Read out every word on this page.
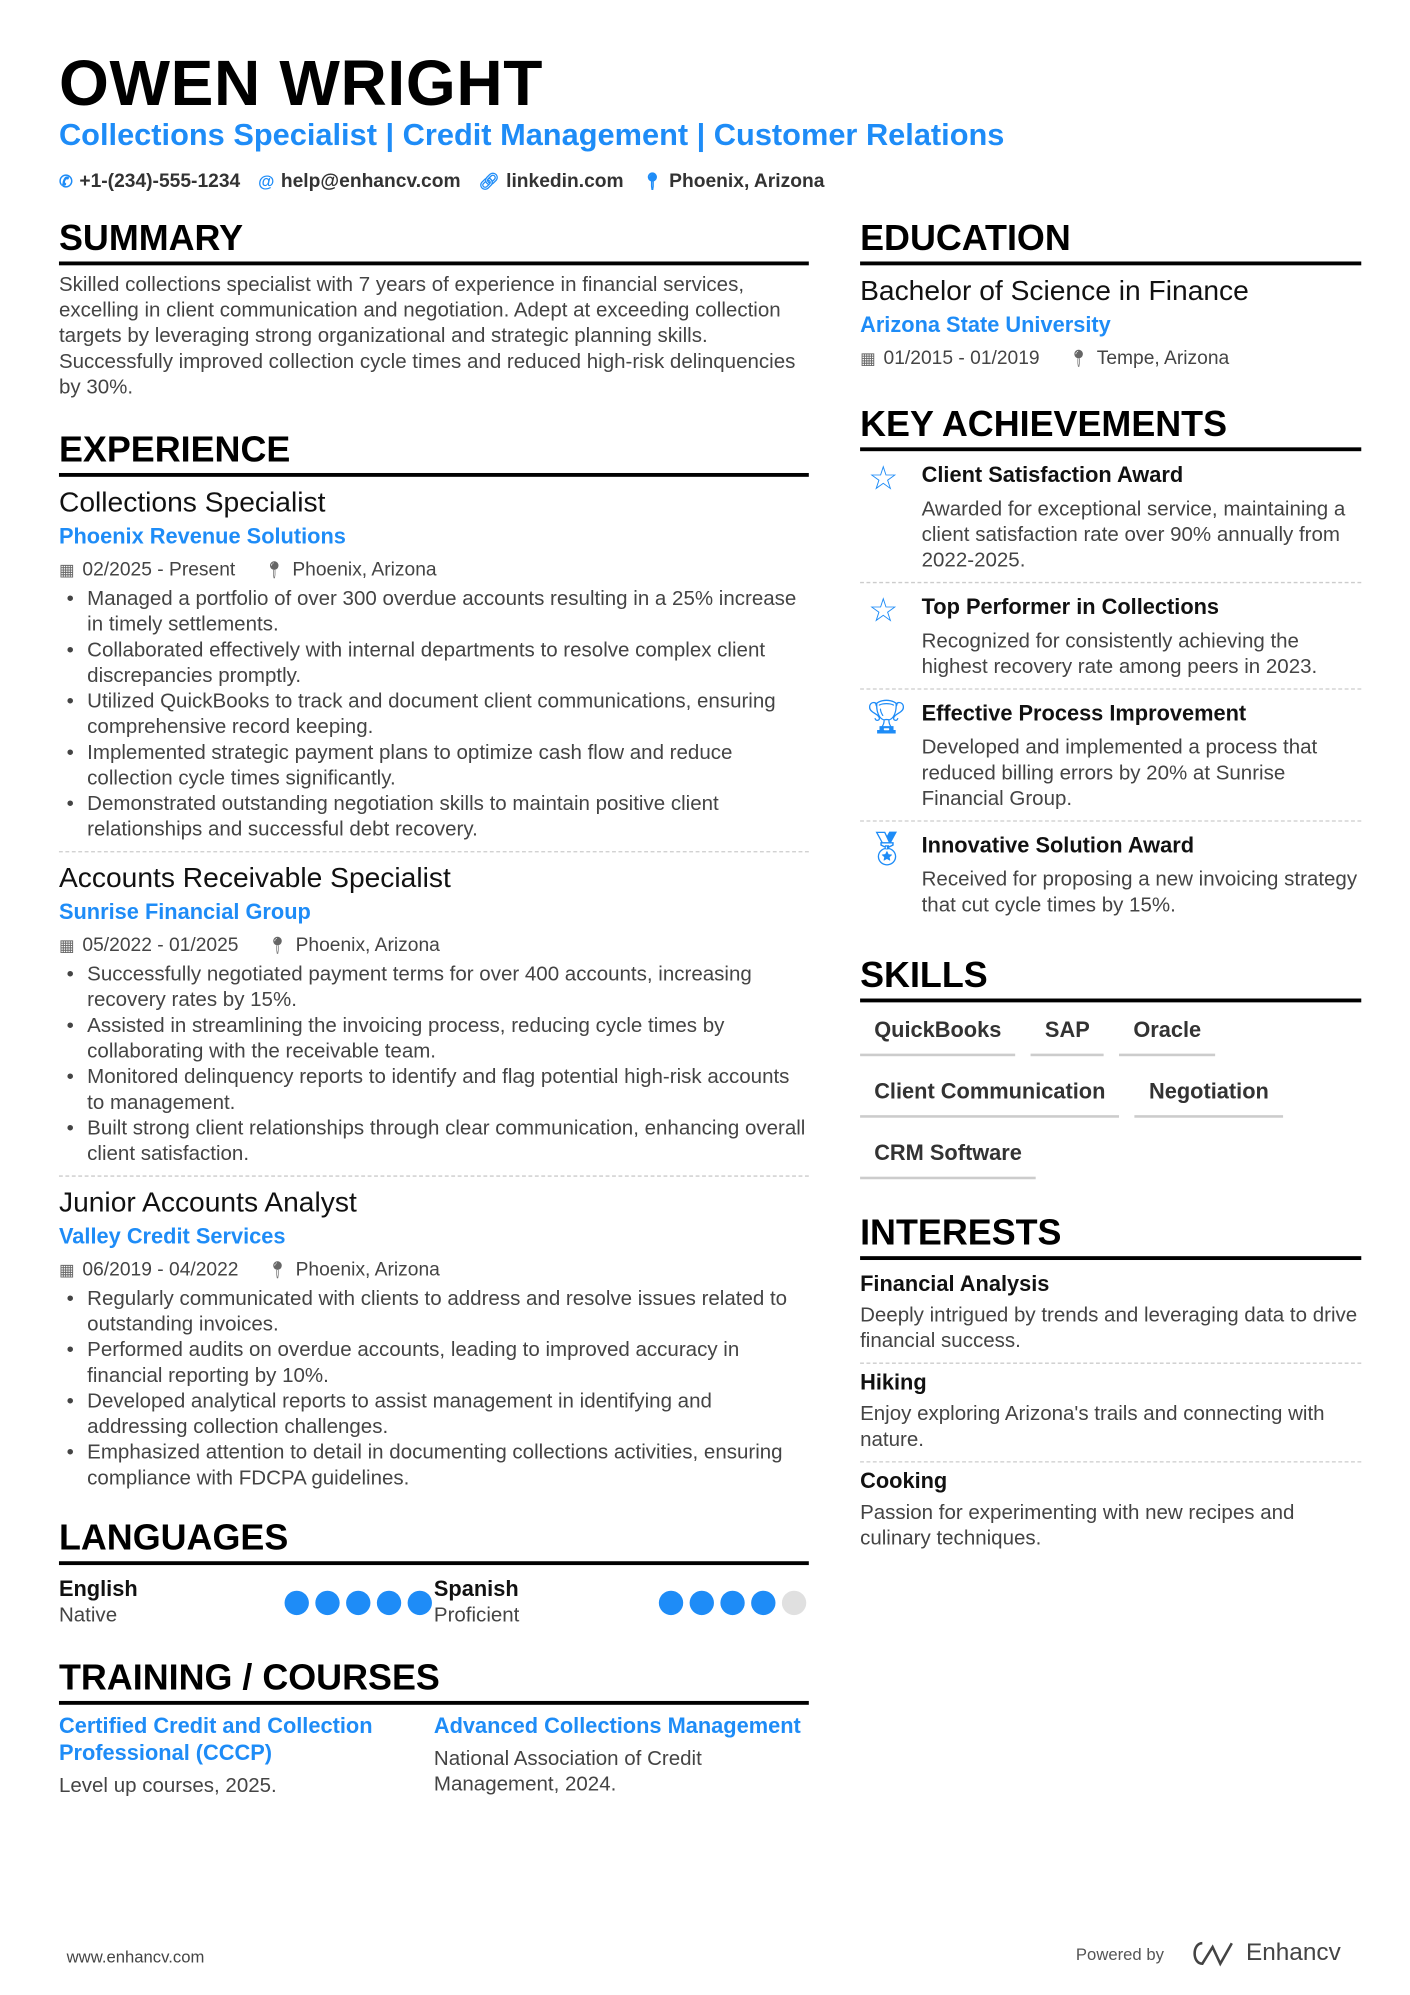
OWEN WRIGHT
Collections Specialist | Credit Management | Customer Relations
✆ +1-(234)-555-1234 @ help@enhancv.com 🔗︎ linkedin.com 📍︎ Phoenix, Arizona
SUMMARY

Skilled collections specialist with 7 years of experience in financial services, excelling in client communication and negotiation. Adept at exceeding collection targets by leveraging strong organizational and strategic planning skills. Successfully improved collection cycle times and reduced high-risk delinquencies by 30%.

EXPERIENCE
Collections Specialist
Phoenix Revenue Solutions
▦ 02/2025 - Present 📍︎ Phoenix, Arizona
• Managed a portfolio of over 300 overdue accounts resulting in a 25% increase in timely settlements.
• Collaborated effectively with internal departments to resolve complex client discrepancies promptly.
• Utilized QuickBooks to track and document client communications, ensuring comprehensive record keeping.
• Implemented strategic payment plans to optimize cash flow and reduce collection cycle times significantly.
• Demonstrated outstanding negotiation skills to maintain positive client relationships and successful debt recovery.
Accounts Receivable Specialist
Sunrise Financial Group
▦ 05/2022 - 01/2025 📍︎ Phoenix, Arizona
• Successfully negotiated payment terms for over 400 accounts, increasing recovery rates by 15%.
• Assisted in streamlining the invoicing process, reducing cycle times by collaborating with the receivable team.
• Monitored delinquency reports to identify and flag potential high-risk accounts to management.
• Built strong client relationships through clear communication, enhancing overall client satisfaction.
Junior Accounts Analyst
Valley Credit Services
▦ 06/2019 - 04/2022 📍︎ Phoenix, Arizona
• Regularly communicated with clients to address and resolve issues related to outstanding invoices.
• Performed audits on overdue accounts, leading to improved accuracy in financial reporting by 10%.
• Developed analytical reports to assist management in identifying and addressing collection challenges.
• Emphasized attention to detail in documenting collections activities, ensuring compliance with FDCPA guidelines.
LANGUAGES
English
Native
Spanish
Proficient
TRAINING / COURSES
Certified Credit and Collection Professional (CCCP)

Level up courses, 2025.

Advanced Collections Management

National Association of Credit Management, 2024.

EDUCATION
Bachelor of Science in Finance
Arizona State University
▦ 01/2015 - 01/2019 📍︎ Tempe, Arizona
KEY ACHIEVEMENTS
☆ Client Satisfaction Award

Awarded for exceptional service, maintaining a client satisfaction rate over 90% annually from 2022-2025.

☆ Top Performer in Collections

Recognized for consistently achieving the highest recovery rate among peers in 2023.

🏆︎ Effective Process Improvement

Developed and implemented a process that reduced billing errors by 20% at Sunrise Financial Group.

🏅︎ Innovative Solution Award

Received for proposing a new invoicing strategy that cut cycle times by 15%.

SKILLS
QuickBooks	SAP	Oracle
Client Communication	Negotiation
CRM Software
INTERESTS
Financial Analysis

Deeply intrigued by trends and leveraging data to drive financial success.

Hiking

Enjoy exploring Arizona's trails and connecting with nature.

Cooking

Passion for experimenting with new recipes and culinary techniques.

www.enhancv.com	Powered by	Enhancv
